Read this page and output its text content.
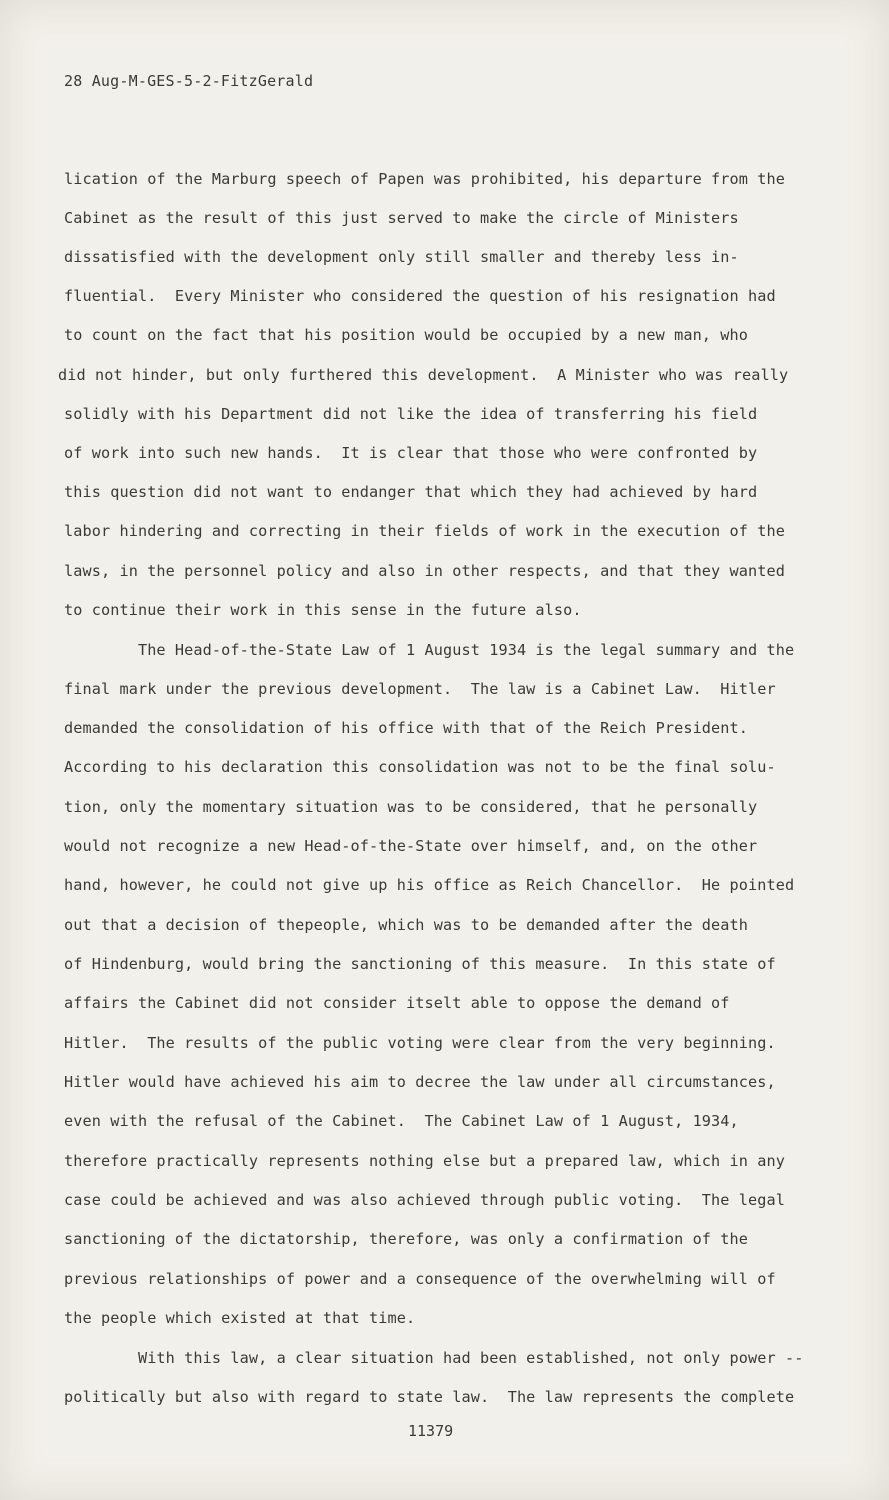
28 Aug-M-GES-5-2-FitzGerald
lication of the Marburg speech of Papen was prohibited, his departure from the
Cabinet as the result of this just served to make the circle of Ministers
dissatisfied with the development only still smaller and thereby less in-
fluential.  Every Minister who considered the question of his resignation had
to count on the fact that his position would be occupied by a new man, who
did not hinder, but only furthered this development.  A Minister who was really
solidly with his Department did not like the idea of transferring his field
of work into such new hands.  It is clear that those who were confronted by
this question did not want to endanger that which they had achieved by hard
labor hindering and correcting in their fields of work in the execution of the
laws, in the personnel policy and also in other respects, and that they wanted
to continue their work in this sense in the future also.
The Head-of-the-State Law of 1 August 1934 is the legal summary and the
final mark under the previous development.  The law is a Cabinet Law.  Hitler
demanded the consolidation of his office with that of the Reich President.
According to his declaration this consolidation was not to be the final solu-
tion, only the momentary situation was to be considered, that he personally
would not recognize a new Head-of-the-State over himself, and, on the other
hand, however, he could not give up his office as Reich Chancellor.  He pointed
out that a decision of thepeople, which was to be demanded after the death
of Hindenburg, would bring the sanctioning of this measure.  In this state of
affairs the Cabinet did not consider itselt able to oppose the demand of
Hitler.  The results of the public voting were clear from the very beginning.
Hitler would have achieved his aim to decree the law under all circumstances,
even with the refusal of the Cabinet.  The Cabinet Law of 1 August, 1934,
therefore practically represents nothing else but a prepared law, which in any
case could be achieved and was also achieved through public voting.  The legal
sanctioning of the dictatorship, therefore, was only a confirmation of the
previous relationships of power and a consequence of the overwhelming will of
the people which existed at that time.
With this law, a clear situation had been established, not only power --
politically but also with regard to state law.  The law represents the complete
11379
